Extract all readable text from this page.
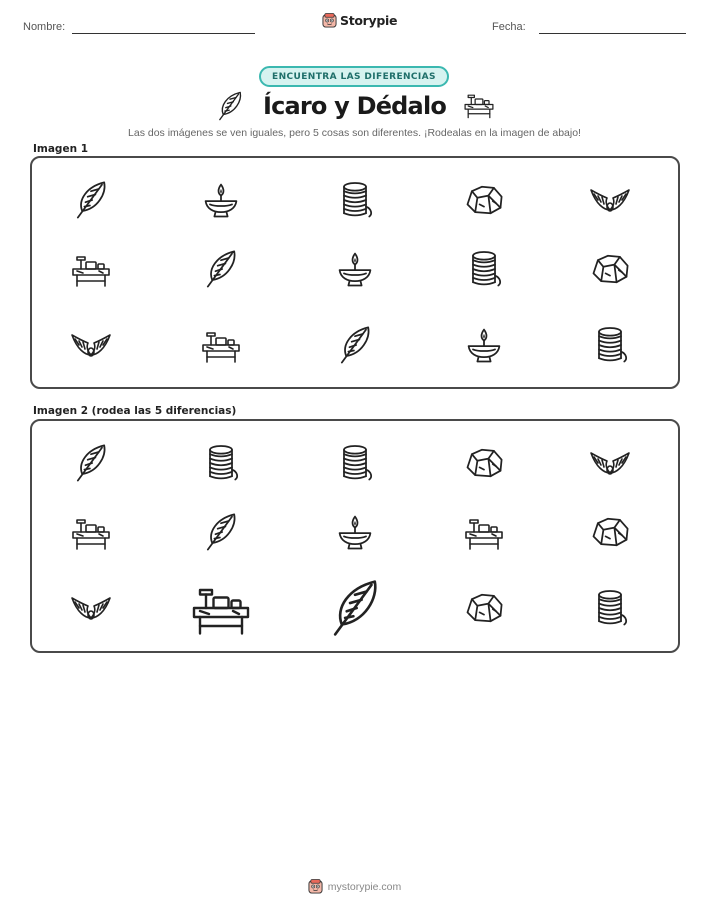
Nombre:	Storypie	Fecha:
ENCUENTRA LAS DIFERENCIAS
Ícaro y Dédalo
Las dos imágenes se ven iguales, pero 5 cosas son diferentes. ¡Rodealas en la imagen de abajo!
Imagen 1
Imagen 2 (rodea las 5 diferencias)
mystorypie.com
